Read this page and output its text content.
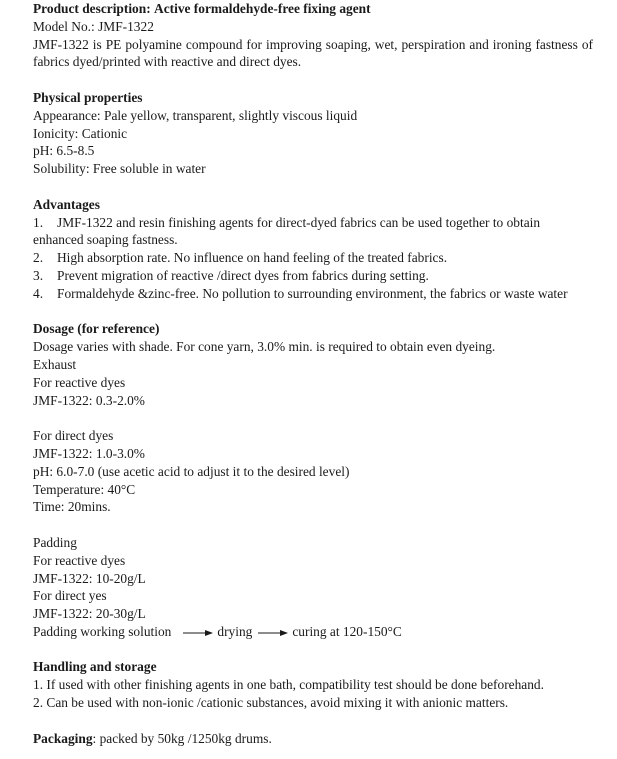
Product description: Active formaldehyde-free fixing agent
Model No.: JMF-1322
JMF-1322 is PE polyamine compound for improving soaping, wet, perspiration and ironing fastness of fabrics dyed/printed with reactive and direct dyes.
Physical properties
Appearance: Pale yellow, transparent, slightly viscous liquid
Ionicity: Cationic
pH: 6.5-8.5
Solubility: Free soluble in water
Advantages
1. JMF-1322 and resin finishing agents for direct-dyed fabrics can be used together to obtain
enhanced soaping fastness.
2. High absorption rate. No influence on hand feeling of the treated fabrics.
3. Prevent migration of reactive /direct dyes from fabrics during setting.
4. Formaldehyde &zinc-free. No pollution to surrounding environment, the fabrics or waste water
Dosage (for reference)
Dosage varies with shade. For cone yarn, 3.0% min. is required to obtain even dyeing.
Exhaust
For reactive dyes
JMF-1322: 0.3-2.0%
For direct dyes
JMF-1322: 1.0-3.0%
pH: 6.0-7.0 (use acetic acid to adjust it to the desired level)
Temperature: 40°C
Time: 20mins.
Padding
For reactive dyes
JMF-1322: 10-20g/L
For direct yes
JMF-1322: 20-30g/L
Padding working solution	drying	curing at 120-150°C
Handling and storage
1. If used with other finishing agents in one bath, compatibility test should be done beforehand.
2. Can be used with non-ionic /cationic substances, avoid mixing it with anionic matters.
Packaging: packed by 50kg /1250kg drums.
